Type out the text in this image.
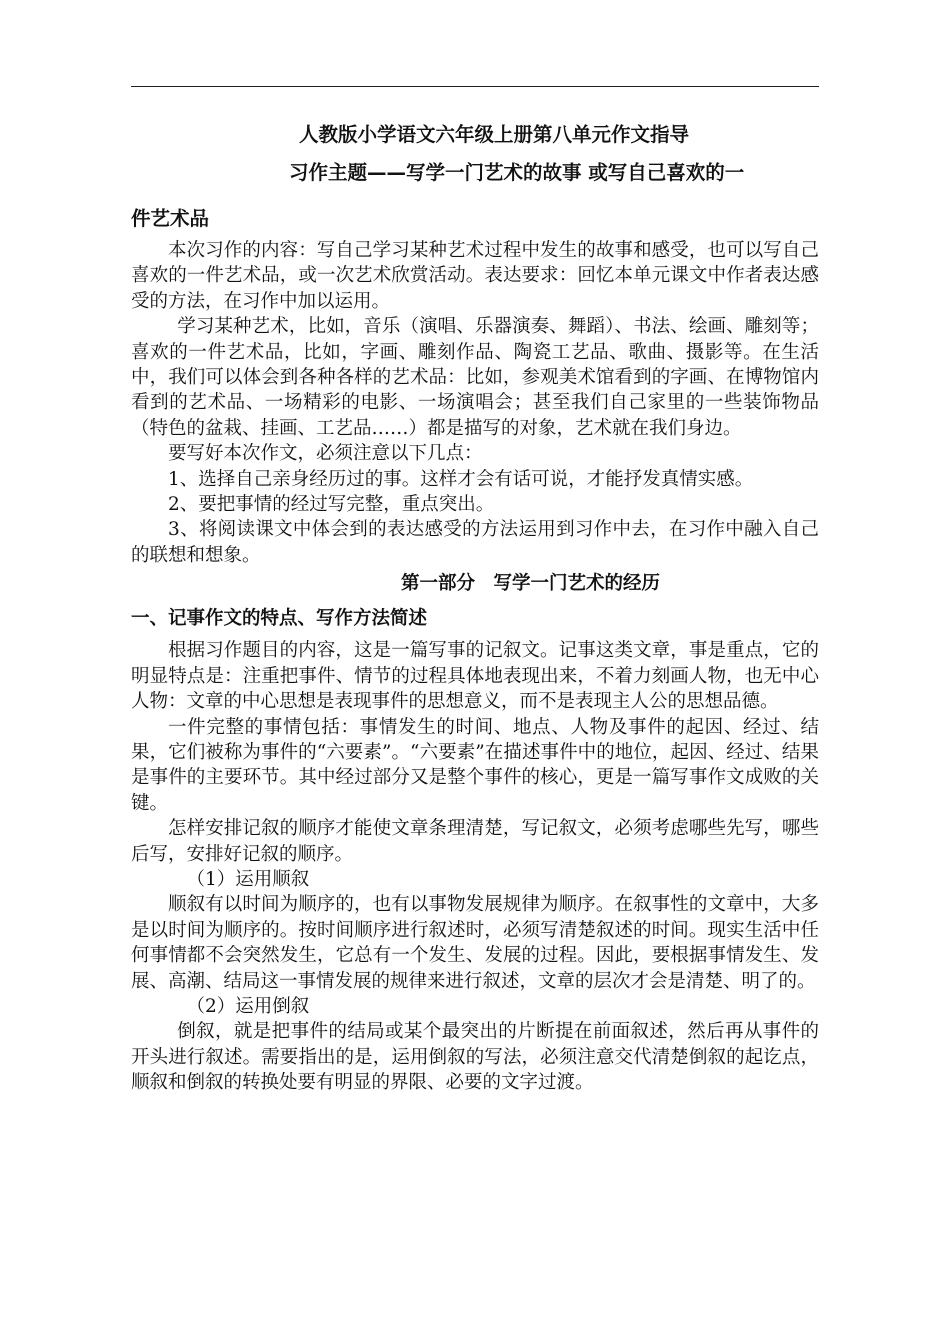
人教版小学语文六年级上册第八单元作文指导
习作主题——写学一门艺术的故事 或写自己喜欢的一
件艺术品

本次习作的内容：写自己学习某种艺术过程中发生的故事和感受，也可以写自己喜欢的一件艺术品，或一次艺术欣赏活动。表达要求：回忆本单元课文中作者表达感受的方法，在习作中加以运用。

学习某种艺术，比如，音乐（演唱、乐器演奏、舞蹈）、书法、绘画、雕刻等；喜欢的一件艺术品，比如，字画、雕刻作品、陶瓷工艺品、歌曲、摄影等。在生活中，我们可以体会到各种各样的艺术品：比如，参观美术馆看到的字画、在博物馆内看到的艺术品、一场精彩的电影、一场演唱会；甚至我们自己家里的一些装饰物品（特色的盆栽、挂画、工艺品……）都是描写的对象，艺术就在我们身边。

要写好本次作文，必须注意以下几点：

1、选择自己亲身经历过的事。这样才会有话可说，才能抒发真情实感。

2、要把事情的经过写完整，重点突出。

3、将阅读课文中体会到的表达感受的方法运用到习作中去，在习作中融入自己的联想和想象。

第一部分　写学一门艺术的经历
一、记事作文的特点、写作方法简述

根据习作题目的内容，这是一篇写事的记叙文。记事这类文章，事是重点，它的明显特点是：注重把事件、情节的过程具体地表现出来，不着力刻画人物，也无中心人物：文章的中心思想是表现事件的思想意义，而不是表现主人公的思想品德。

一件完整的事情包括：事情发生的时间、地点、人物及事件的起因、经过、结果，它们被称为事件的“六要素”。“六要素”在描述事件中的地位，起因、经过、结果是事件的主要环节。其中经过部分又是整个事件的核心，更是一篇写事作文成败的关键。

怎样安排记叙的顺序才能使文章条理清楚，写记叙文，必须考虑哪些先写，哪些后写，安排好记叙的顺序。

（1）运用顺叙

顺叙有以时间为顺序的，也有以事物发展规律为顺序。在叙事性的文章中，大多是以时间为顺序的。按时间顺序进行叙述时，必须写清楚叙述的时间。现实生活中任何事情都不会突然发生，它总有一个发生、发展的过程。因此，要根据事情发生、发展、高潮、结局这一事情发展的规律来进行叙述，文章的层次才会是清楚、明了的。

（2）运用倒叙

倒叙，就是把事件的结局或某个最突出的片断提在前面叙述，然后再从事件的开头进行叙述。需要指出的是，运用倒叙的写法，必须注意交代清楚倒叙的起讫点，顺叙和倒叙的转换处要有明显的界限、必要的文字过渡。
